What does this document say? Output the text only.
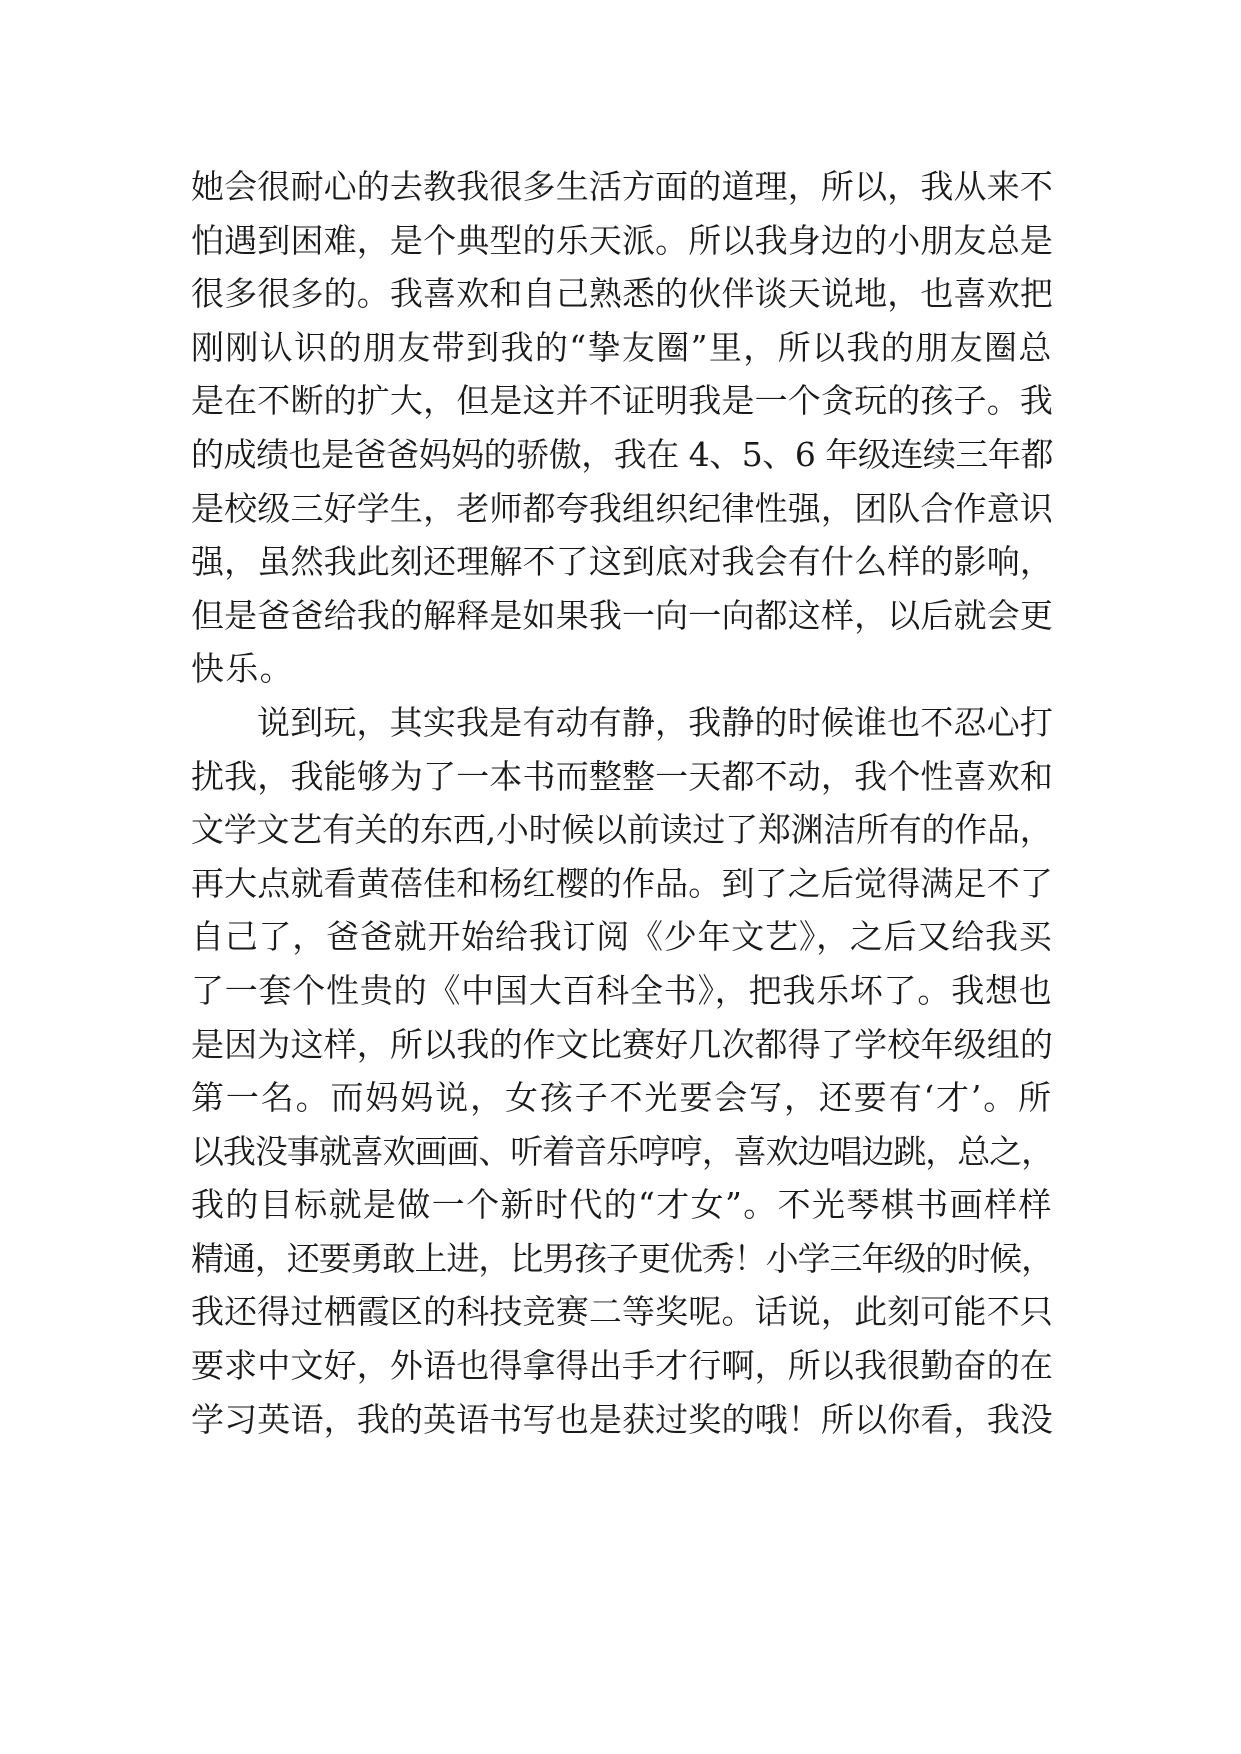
她会很耐心的去教我很多生活方面的道理，所以，我从来不
怕遇到困难，是个典型的乐天派。所以我身边的小朋友总是
很多很多的。我喜欢和自己熟悉的伙伴谈天说地，也喜欢把
刚刚认识的朋友带到我的“挚友圈”里，所以我的朋友圈总
是在不断的扩大，但是这并不证明我是一个贪玩的孩子。我
的成绩也是爸爸妈妈的骄傲，我在 4、5、6 年级连续三年都
是校级三好学生，老师都夸我组织纪律性强，团队合作意识
强，虽然我此刻还理解不了这到底对我会有什么样的影响，
但是爸爸给我的解释是如果我一向一向都这样，以后就会更
快乐。
说到玩，其实我是有动有静，我静的时候谁也不忍心打
扰我，我能够为了一本书而整整一天都不动，我个性喜欢和
文学文艺有关的东西,小时候以前读过了郑渊洁所有的作品，
再大点就看黄蓓佳和杨红樱的作品。到了之后觉得满足不了
自己了，爸爸就开始给我订阅《少年文艺》，之后又给我买
了一套个性贵的《中国大百科全书》，把我乐坏了。我想也
是因为这样，所以我的作文比赛好几次都得了学校年级组的
第一名。而妈妈说，女孩子不光要会写，还要有‘才’。所
以我没事就喜欢画画、听着音乐哼哼，喜欢边唱边跳，总之，
我的目标就是做一个新时代的“才女”。不光琴棋书画样样
精通，还要勇敢上进，比男孩子更优秀！小学三年级的时候，
我还得过栖霞区的科技竞赛二等奖呢。话说，此刻可能不只
要求中文好，外语也得拿得出手才行啊，所以我很勤奋的在
学习英语，我的英语书写也是获过奖的哦！所以你看，我没
